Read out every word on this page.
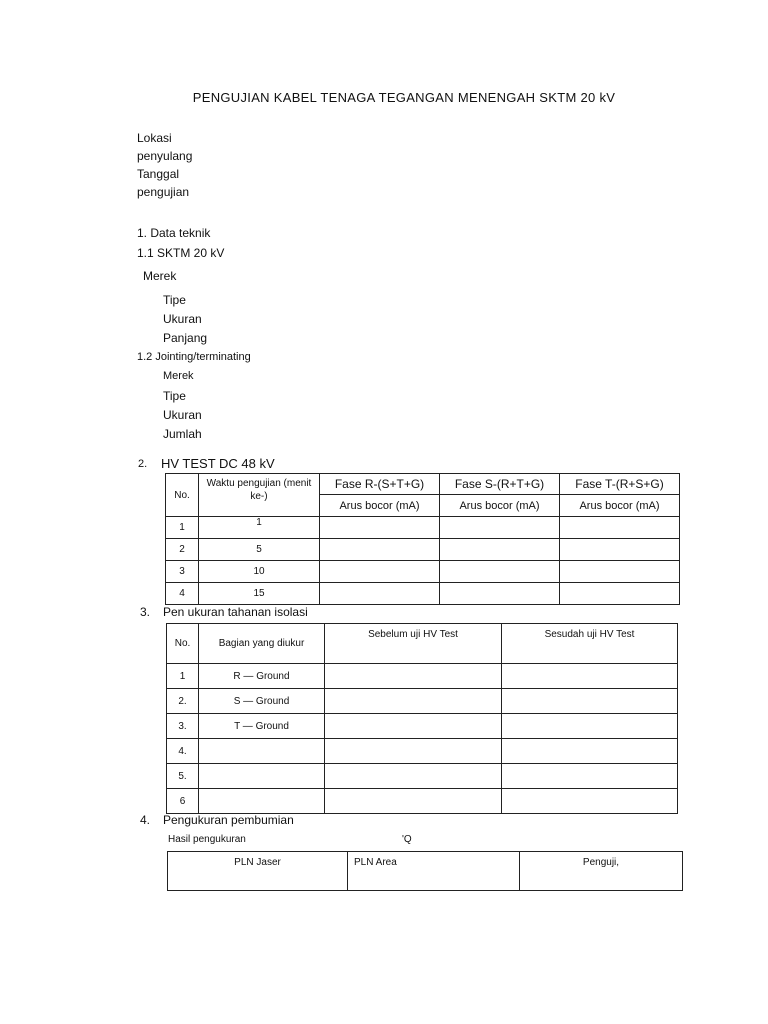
PENGUJIAN KABEL TENAGA TEGANGAN MENENGAH SKTM 20 kV
Lokasi
penyulang
Tanggal
pengujian
1. Data teknik
1.1 SKTM 20 kV
Merek
Tipe
Ukuran
Panjang
1.2 Jointing/terminating
Merek
Tipe
Ukuran
Jumlah
2. HV TEST DC 48 kV
No.	Waktu pengujian (menit ke-)	Fase R-(S+T+G)	Fase S-(R+T+G)	Fase T-(R+S+G)
		Arus bocor (mA)	Arus bocor (mA)	Arus bocor (mA)
1	1			
2	5			
3	10			
4	15			
3. Pen ukuran tahanan isolasi
No.	Bagian yang diukur	Sebelum uji HV Test	Sesudah uji HV Test
1	R — Ground		
2.	S — Ground		
3.	T — Ground		
4.			
5.			
6			
4. Pengukuran pembumian
Hasil pengukuran	'Q
PLN Jaser	PLN Area	Penguji,
